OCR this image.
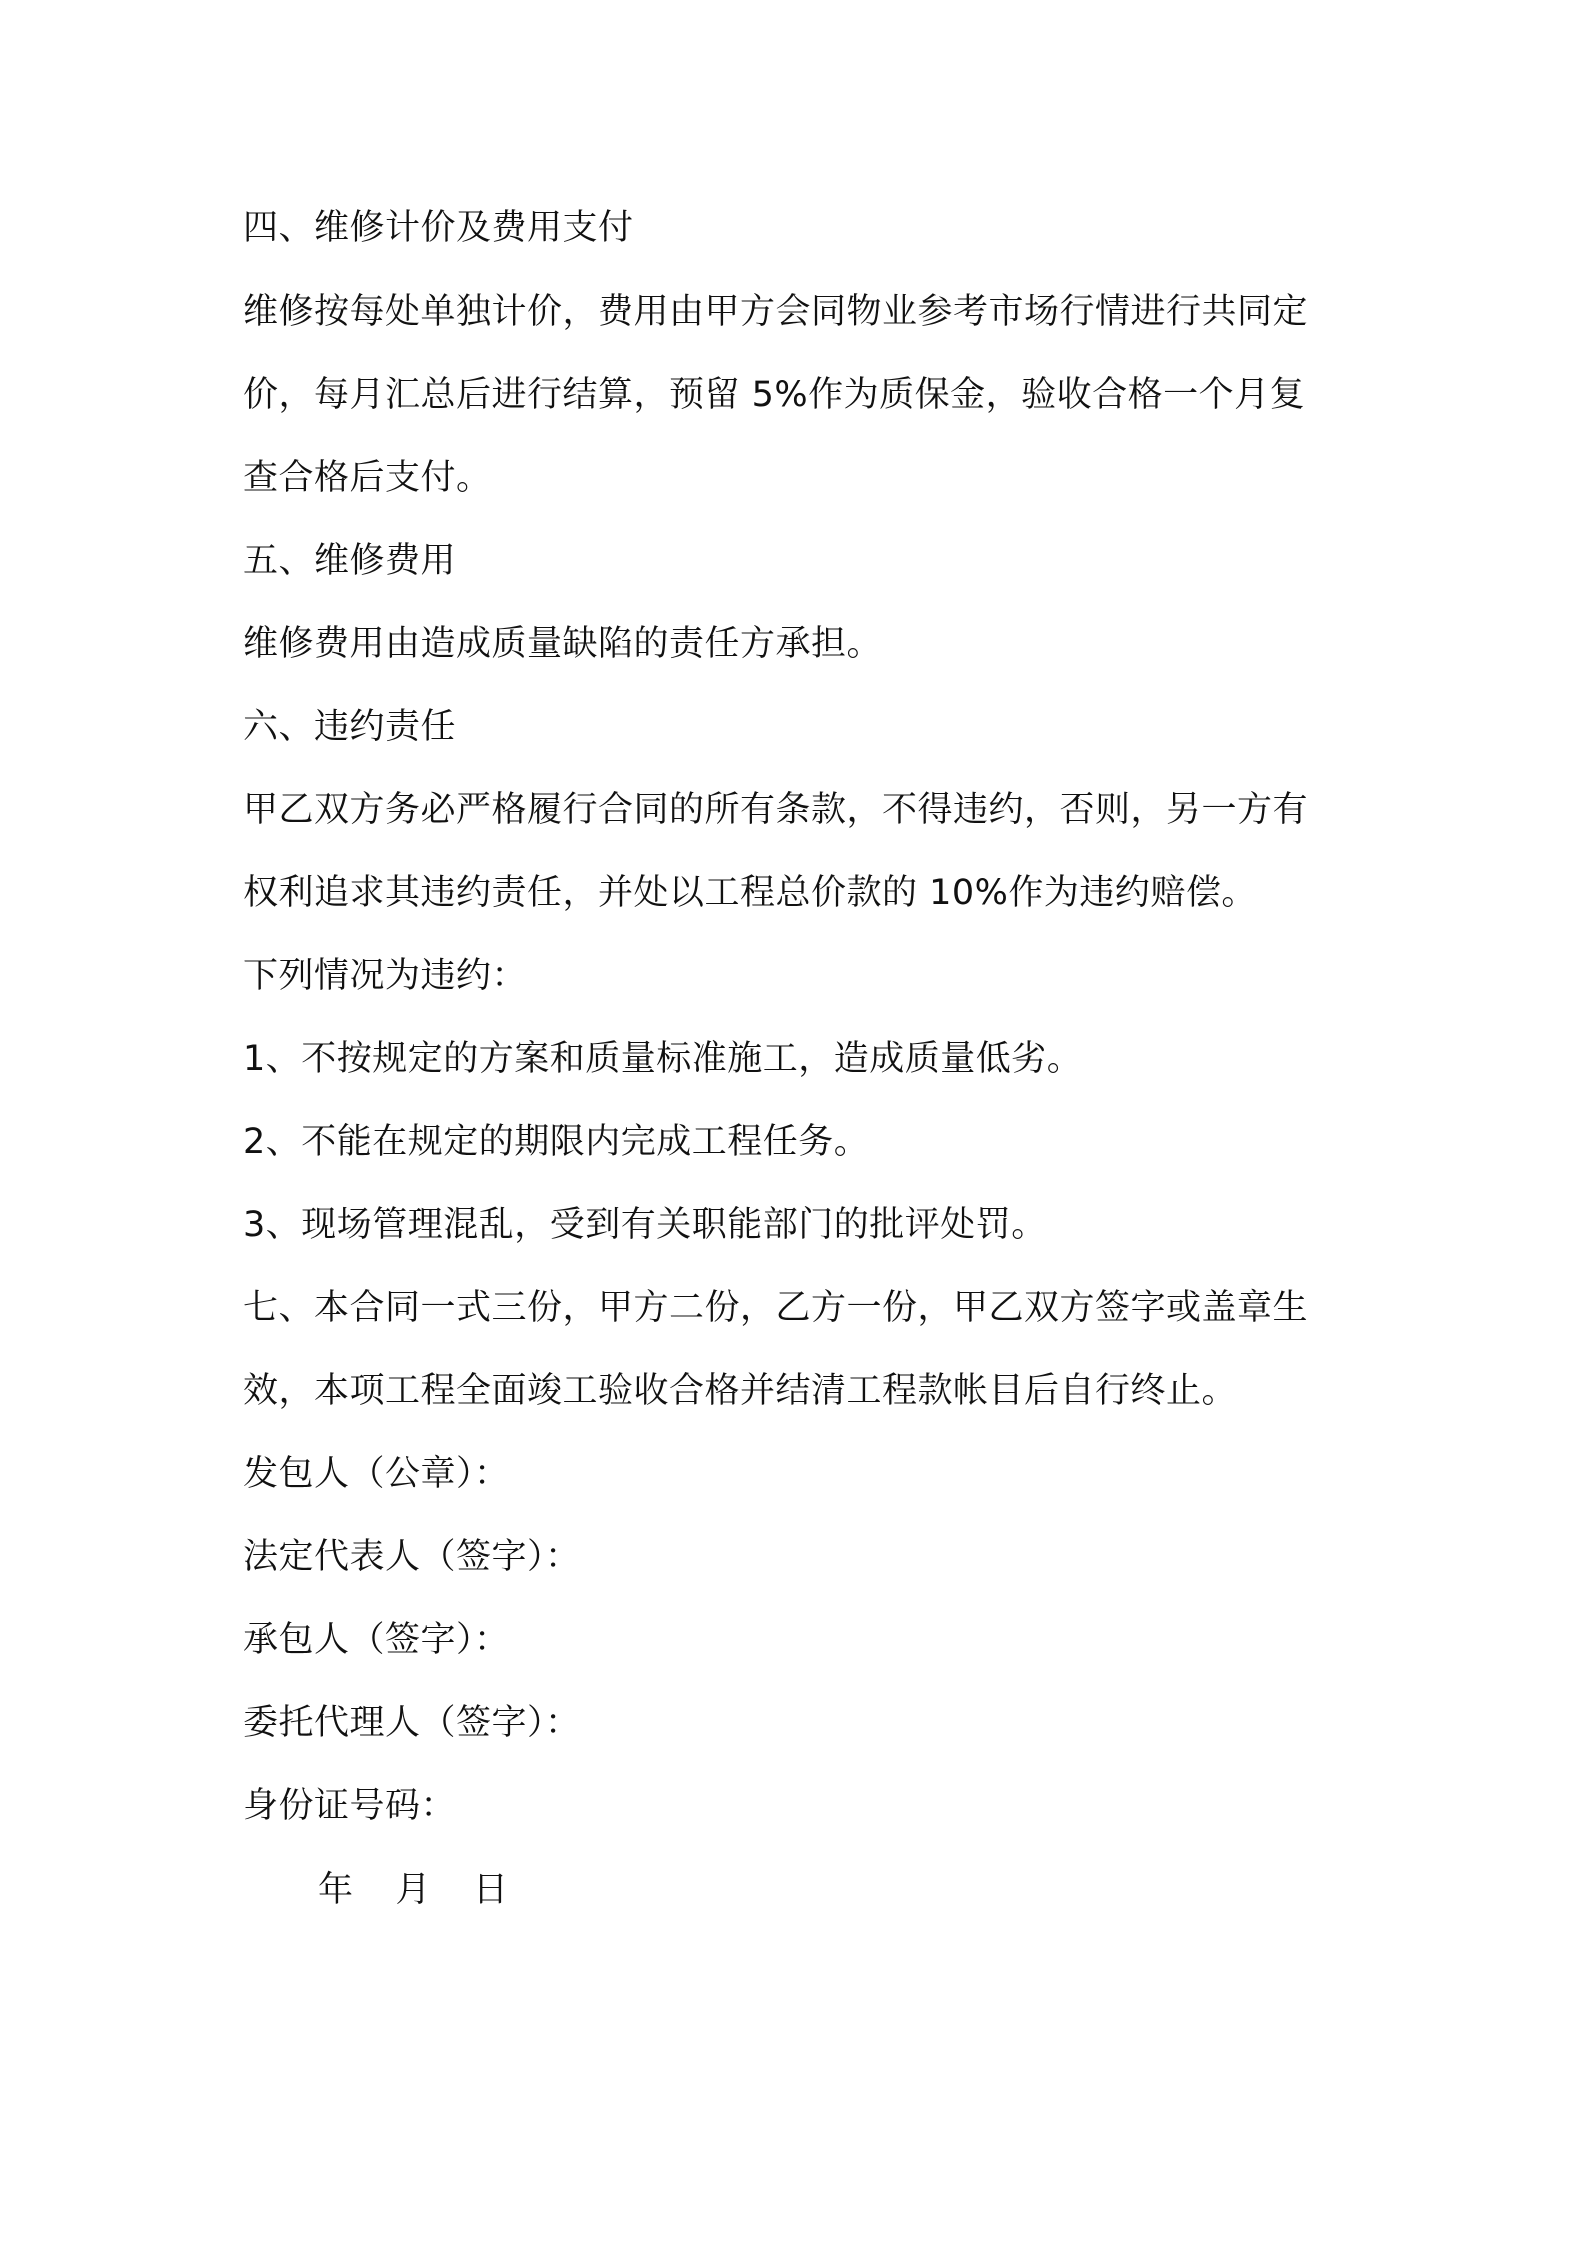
四、维修计价及费用支付
维修按每处单独计价，费用由甲方会同物业参考市场行情进行共同定
价，每月汇总后进行结算，预留 5%作为质保金，验收合格一个月复
查合格后支付。
五、维修费用
维修费用由造成质量缺陷的责任方承担。
六、违约责任
甲乙双方务必严格履行合同的所有条款，不得违约，否则，另一方有
权利追求其违约责任，并处以工程总价款的 10%作为违约赔偿。
下列情况为违约：
1、不按规定的方案和质量标准施工，造成质量低劣。
2、不能在规定的期限内完成工程任务。
3、现场管理混乱，受到有关职能部门的批评处罚。
七、本合同一式三份，甲方二份，乙方一份，甲乙双方签字或盖章生
效，本项工程全面竣工验收合格并结清工程款帐目后自行终止。
发包人（公章）：
法定代表人（签字）：
承包人（签字）：
委托代理人（签字）：
身份证号码：
年 月 日
